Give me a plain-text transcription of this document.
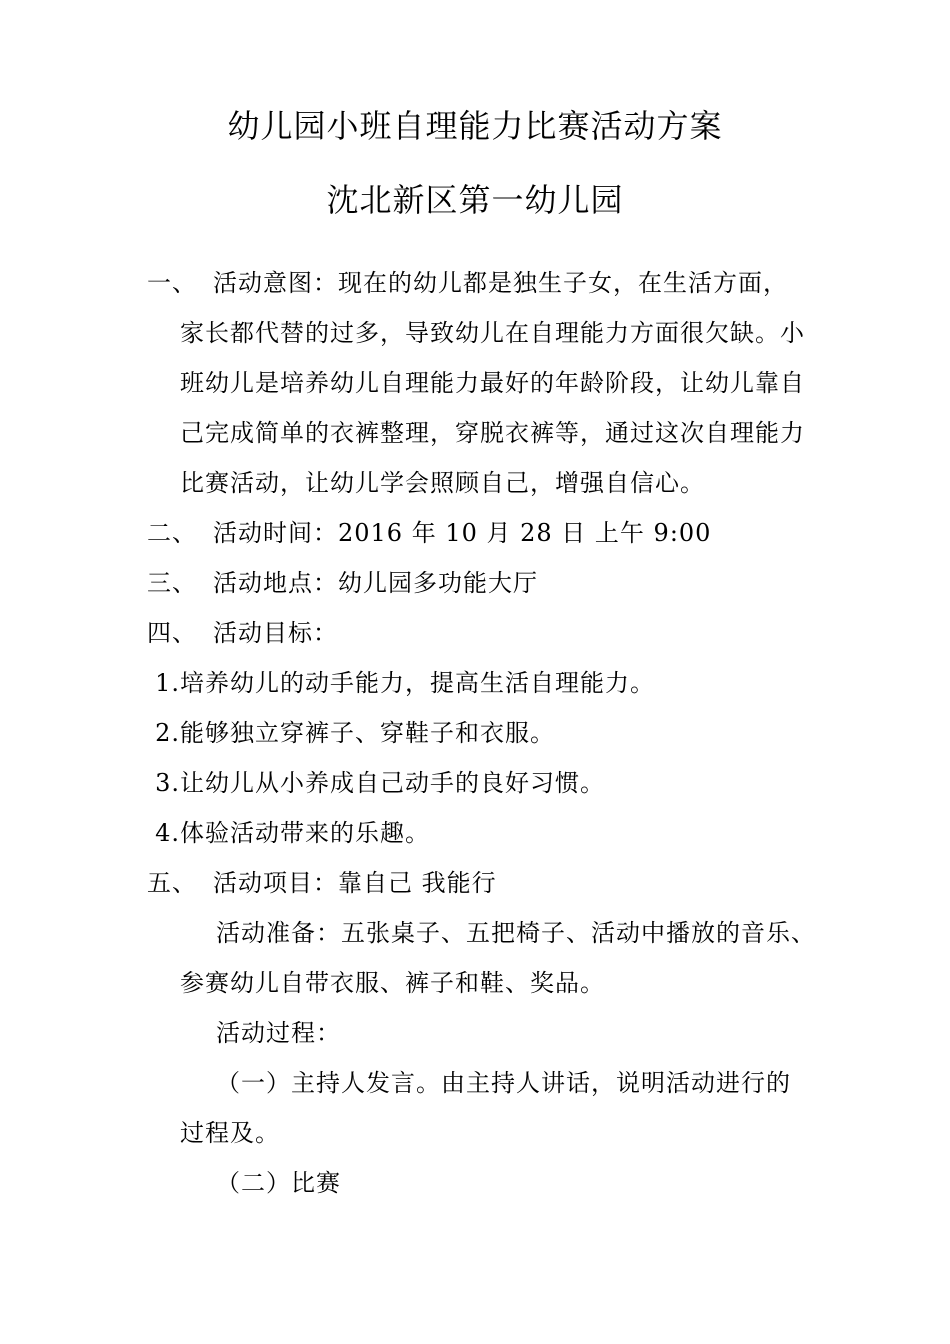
幼儿园小班自理能力比赛活动方案
沈北新区第一幼儿园
一、 活动意图：现在的幼儿都是独生子女，在生活方面，
家长都代替的过多，导致幼儿在自理能力方面很欠缺。小
班幼儿是培养幼儿自理能力最好的年龄阶段，让幼儿靠自
己完成简单的衣裤整理，穿脱衣裤等，通过这次自理能力
比赛活动，让幼儿学会照顾自己，增强自信心。
二、 活动时间：2016 年 10 月 28 日 上午 9:00
三、 活动地点：幼儿园多功能大厅
四、 活动目标：
1.培养幼儿的动手能力，提高生活自理能力。
2.能够独立穿裤子、穿鞋子和衣服。
3.让幼儿从小养成自己动手的良好习惯。
4.体验活动带来的乐趣。
五、 活动项目：靠自己 我能行
活动准备：五张桌子、五把椅子、活动中播放的音乐、
参赛幼儿自带衣服、裤子和鞋、奖品。
活动过程：
（一）主持人发言。由主持人讲话，说明活动进行的
过程及。
（二）比赛
